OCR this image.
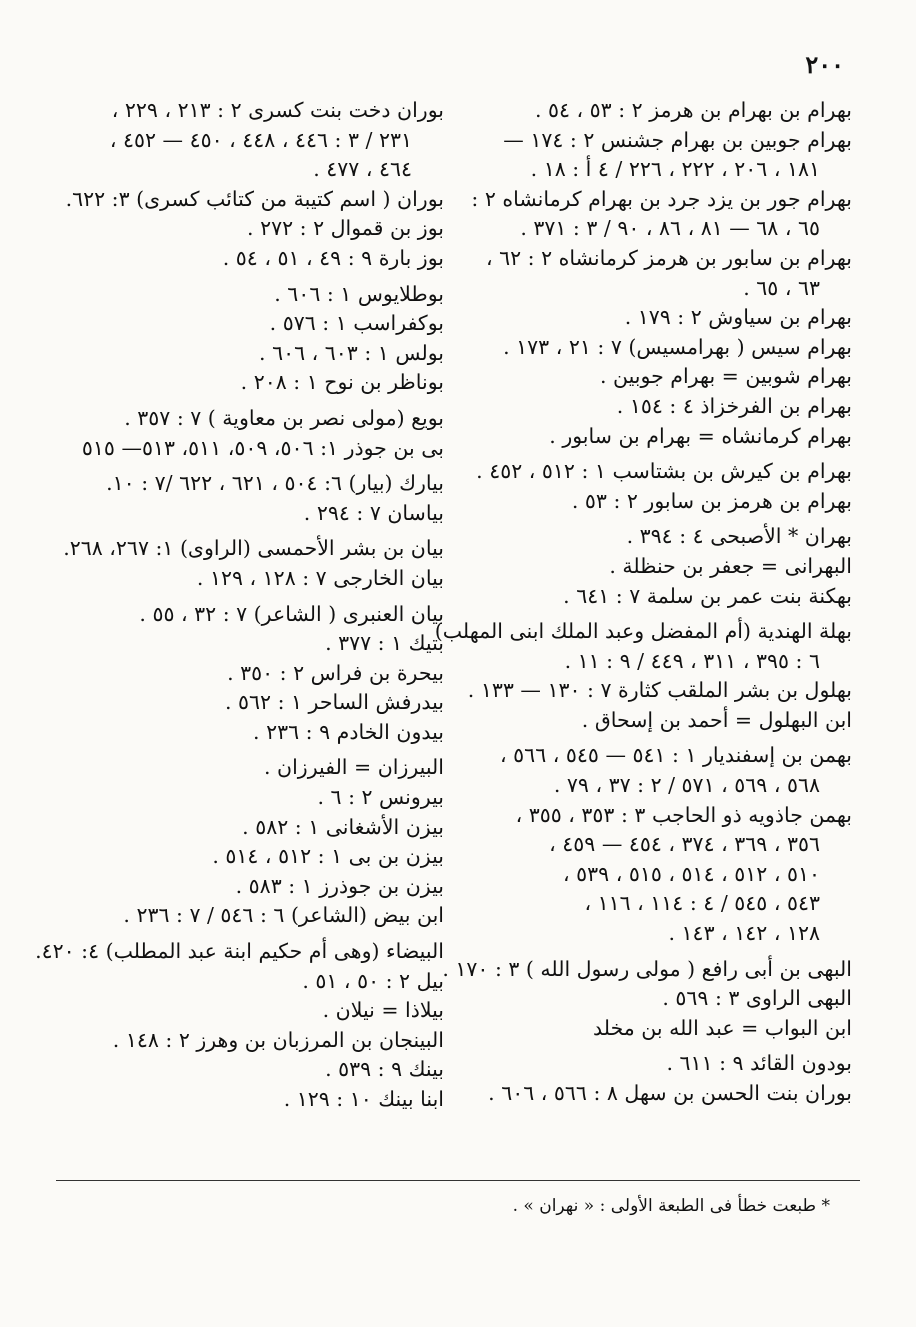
٢٠٠
بهرام بن بهرام بن هرمز ٢ : ٥٣ ، ٥٤ .
بهرام جوبين بن بهرام جشنس ٢ : ١٧٤ —
١٨١ ، ٢٠٦ ، ٢٢٢ ، ٢٢٦ / ٤ أ : ١٨ .
بهرام جور بن يزد جرد بن بهرام كرمانشاه ٢ :
٦٥ ، ٦٨ — ٨١ ، ٨٦ ، ٩٠ / ٣ : ٣٧١ .
بهرام بن سابور بن هرمز كرمانشاه ٢ : ٦٢ ،
٦٣ ، ٦٥ .
بهرام بن سياوش ٢ : ١٧٩ .
بهرام سيس ( بهرامسيس) ٧ : ٢١ ، ١٧٣ .
بهرام شوبين = بهرام جوبين .
بهرام بن الفرخزاذ ٤ : ١٥٤ .
بهرام كرمانشاه = بهرام بن سابور .
بهرام بن كيرش بن بشتاسب ١ : ٥١٢ ، ٤٥٢ .
بهرام بن هرمز بن سابور ٢ : ٥٣ .
بهران * الأصبحى ٤ : ٣٩٤ .
البهرانى = جعفر بن حنظلة .
بهكنة بنت عمر بن سلمة ٧ : ٦٤١ .
بهلة الهندية (أم المفضل وعبد الملك ابنى المهلب)
٦ : ٣٩٥ ، ٣١١ ، ٤٤٩ / ٩ : ١١ .
بهلول بن بشر الملقب كثارة ٧ : ١٣٠ — ١٣٣ .
ابن البهلول = أحمد بن إسحاق .
بهمن بن إسفنديار ١ : ٥٤١ — ٥٤٥ ، ٥٦٦ ،
٥٦٨ ، ٥٦٩ ، ٥٧١ / ٢ : ٣٧ ، ٧٩ .
بهمن جاذويه ذو الحاجب ٣ : ٣٥٣ ، ٣٥٥ ،
٣٥٦ ، ٣٦٩ ، ٣٧٤ ، ٤٥٤ — ٤٥٩ ،
٥١٠ ، ٥١٢ ، ٥١٤ ، ٥١٥ ، ٥٣٩ ،
٥٤٣ ، ٥٤٥ / ٤ : ١١٤ ، ١١٦ ،
١٢٨ ، ١٤٢ ، ١٤٣ .
البهى بن أبى رافع ( مولى رسول الله ) ٣ : ١٧٠ .
البهى الراوى ٣ : ٥٦٩ .
ابن البواب = عبد الله بن مخلد
بودون القائد ٩ : ٦١١ .
بوران بنت الحسن بن سهل ٨ : ٥٦٦ ، ٦٠٦ .
بوران دخت بنت كسرى ٢ : ٢١٣ ، ٢٢٩ ،
٢٣١ / ٣ : ٤٤٦ ، ٤٤٨ ، ٤٥٠ — ٤٥٢ ،
٤٦٤ ، ٤٧٧ .
بوران ( اسم كتيبة من كتائب كسرى) ٣: ٦٢٢.
بوز بن قموال ٢ : ٢٧٢ .
بوز بارة ٩ : ٤٩ ، ٥١ ، ٥٤ .
بوطلايوس ١ : ٦٠٦ .
بوكفراسب ١ : ٥٧٦ .
بولس ١ : ٦٠٣ ، ٦٠٦ .
بوناظر بن نوح ١ : ٢٠٨ .
بويع (مولى نصر بن معاوية ) ٧ : ٣٥٧ .
بى بن جوذر ١: ٥٠٦، ٥٠٩، ٥١١، ٥١٣— ٥١٥
بيارك (بيار) ٦: ٥٠٤ ، ٦٢١ ، ٦٢٢ /٧ : ١٠.
بياسان ٧ : ٢٩٤ .
بيان بن بشر الأحمسى (الراوى) ١: ٢٦٧، ٢٦٨.
بيان الخارجى ٧ : ١٢٨ ، ١٢٩ .
بيان العنبرى ( الشاعر) ٧ : ٣٢ ، ٥٥ .
بتيك ١ : ٣٧٧ .
بيحرة بن فراس ٢ : ٣٥٠ .
بيدرفش الساحر ١ : ٥٦٢ .
بيدون الخادم ٩ : ٢٣٦ .
البيرزان = الفيرزان .
بيرونس ٢ : ٦ .
بيزن الأشغانى ١ : ٥٨٢ .
بيزن بن بى ١ : ٥١٢ ، ٥١٤ .
بيزن بن جوذرز ١ : ٥٨٣ .
ابن بيض (الشاعر) ٦ : ٥٤٦ / ٧ : ٢٣٦ .
البيضاء (وهى أم حكيم ابنة عبد المطلب) ٤: ٤٢٠.
بيل ٢ : ٥٠ ، ٥١ .
بيلاذا = نيلان .
البينجان بن المرزبان بن وهرز ٢ : ١٤٨ .
بينك ٩ : ٥٣٩ .
ابنا بينك ١٠ : ١٢٩ .
* طبعت خطأ فى الطبعة الأولى : « نهران » .
